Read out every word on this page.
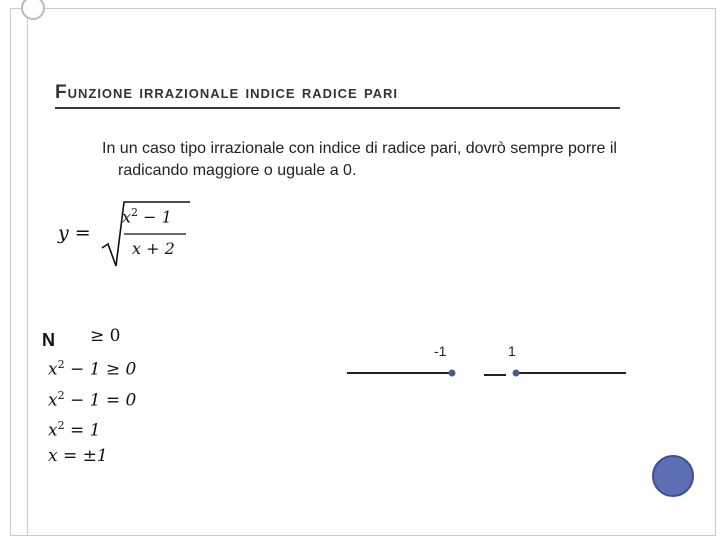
Funzione irrazionale indice radice pari
In un caso tipo irrazionale con indice di radice pari, dovrò sempre porre il radicando maggiore o uguale a 0.
y =
$x^2 - 1$
x + 2
N ≥ 0
$x^2 - 1 \ge 0$
$x^2 - 1 = 0$
$x^2 = 1$
x = ±1
-1	1
